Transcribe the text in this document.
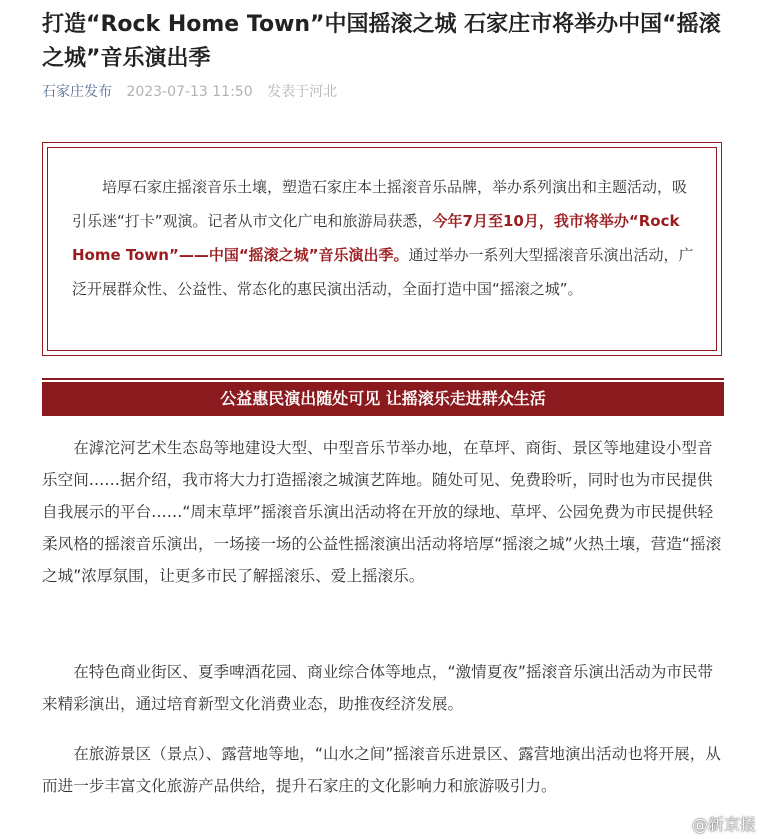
打造“Rock Home Town”中国摇滚之城 石家庄市将举办中国“摇滚之城”音乐演出季
石家庄发布 2023-07-13 11:50 发表于河北
培厚石家庄摇滚音乐土壤，塑造石家庄本土摇滚音乐品牌，举办系列演出和主题活动，吸引乐迷“打卡”观演。记者从市文化广电和旅游局获悉，今年7月至10月，我市将举办“Rock Home Town”——中国“摇滚之城”音乐演出季。通过举办一系列大型摇滚音乐演出活动，广泛开展群众性、公益性、常态化的惠民演出活动，全面打造中国“摇滚之城”。
公益惠民演出随处可见 让摇滚乐走进群众生活

在滹沱河艺术生态岛等地建设大型、中型音乐节举办地，在草坪、商街、景区等地建设小型音乐空间……据介绍，我市将大力打造摇滚之城演艺阵地。随处可见、免费聆听，同时也为市民提供自我展示的平台……“周末草坪”摇滚音乐演出活动将在开放的绿地、草坪、公园免费为市民提供轻柔风格的摇滚音乐演出，一场接一场的公益性摇滚演出活动将培厚“摇滚之城”火热土壤，营造“摇滚之城”浓厚氛围，让更多市民了解摇滚乐、爱上摇滚乐。

在特色商业街区、夏季啤酒花园、商业综合体等地点，“激情夏夜”摇滚音乐演出活动为市民带来精彩演出，通过培育新型文化消费业态，助推夜经济发展。

在旅游景区（景点）、露营地等地，“山水之间”摇滚音乐进景区、露营地演出活动也将开展，从而进一步丰富文化旅游产品供给，提升石家庄的文化影响力和旅游吸引力。

@新京报
